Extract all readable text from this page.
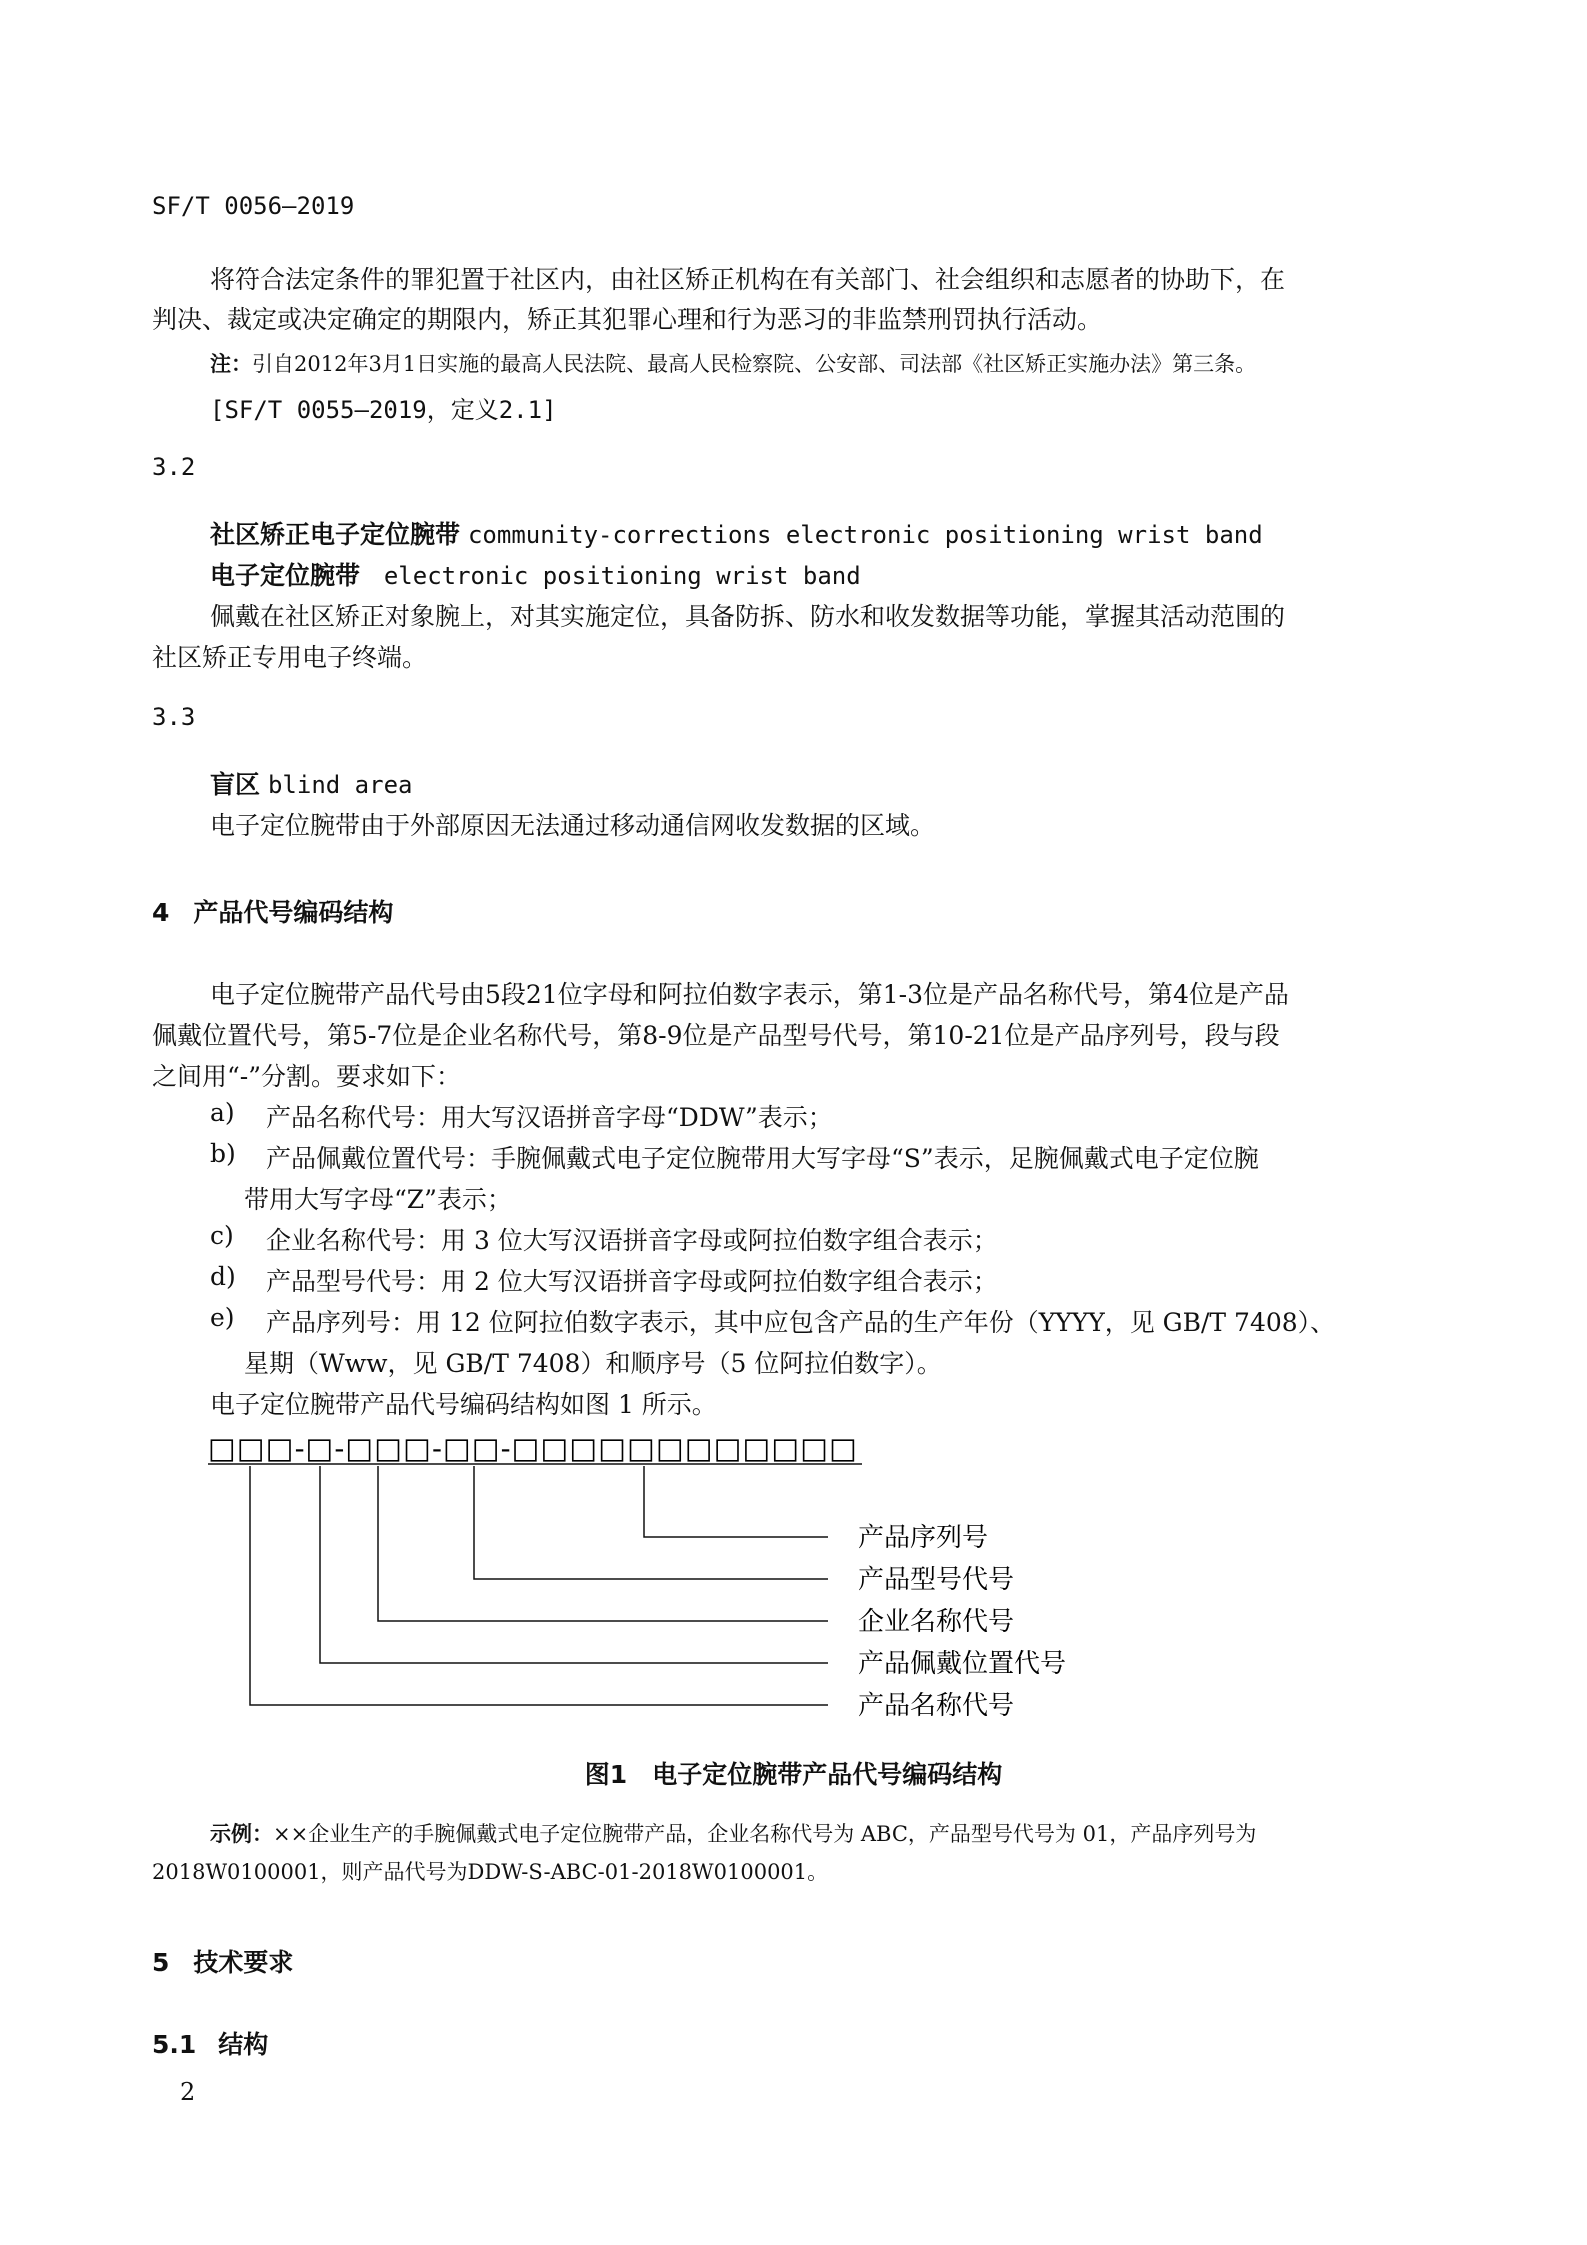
SF/T 0056—2019
将符合法定条件的罪犯置于社区内，由社区矫正机构在有关部门、社会组织和志愿者的协助下，在
判决、裁定或决定确定的期限内，矫正其犯罪心理和行为恶习的非监禁刑罚执行活动。
注：引自2012年3月1日实施的最高人民法院、最高人民检察院、公安部、司法部《社区矫正实施办法》第三条。
[SF/T 0055—2019，定义2.1]
3.2
社区矫正电子定位腕带 community-corrections electronic positioning wrist band
电子定位腕带 electronic positioning wrist band
佩戴在社区矫正对象腕上，对其实施定位，具备防拆、防水和收发数据等功能，掌握其活动范围的
社区矫正专用电子终端。
3.3
盲区 blind area
电子定位腕带由于外部原因无法通过移动通信网收发数据的区域。
4 产品代号编码结构
电子定位腕带产品代号由5段21位字母和阿拉伯数字表示，第1-3位是产品名称代号，第4位是产品
佩戴位置代号，第5-7位是企业名称代号，第8-9位是产品型号代号，第10-21位是产品序列号，段与段
之间用“-”分割。要求如下：
a) 产品名称代号：用大写汉语拼音字母“DDW”表示；
b) 产品佩戴位置代号：手腕佩戴式电子定位腕带用大写字母“S”表示，足腕佩戴式电子定位腕
带用大写字母“Z”表示；
c) 企业名称代号：用 3 位大写汉语拼音字母或阿拉伯数字组合表示；
d) 产品型号代号：用 2 位大写汉语拼音字母或阿拉伯数字组合表示；
e) 产品序列号：用 12 位阿拉伯数字表示，其中应包含产品的生产年份（YYYY，见 GB/T 7408）、
星期（Www，见 GB/T 7408）和顺序号（5 位阿拉伯数字）。
电子定位腕带产品代号编码结构如图 1 所示。
□□□-□-□□□-□□-□□□□□□□□□□□□
产品序列号
产品型号代号
企业名称代号
产品佩戴位置代号
产品名称代号
图1　电子定位腕带产品代号编码结构
示例：××企业生产的手腕佩戴式电子定位腕带产品，企业名称代号为 ABC，产品型号代号为 01，产品序列号为
2018W0100001，则产品代号为DDW-S-ABC-01-2018W0100001。
5 技术要求
5.1 结构
2
